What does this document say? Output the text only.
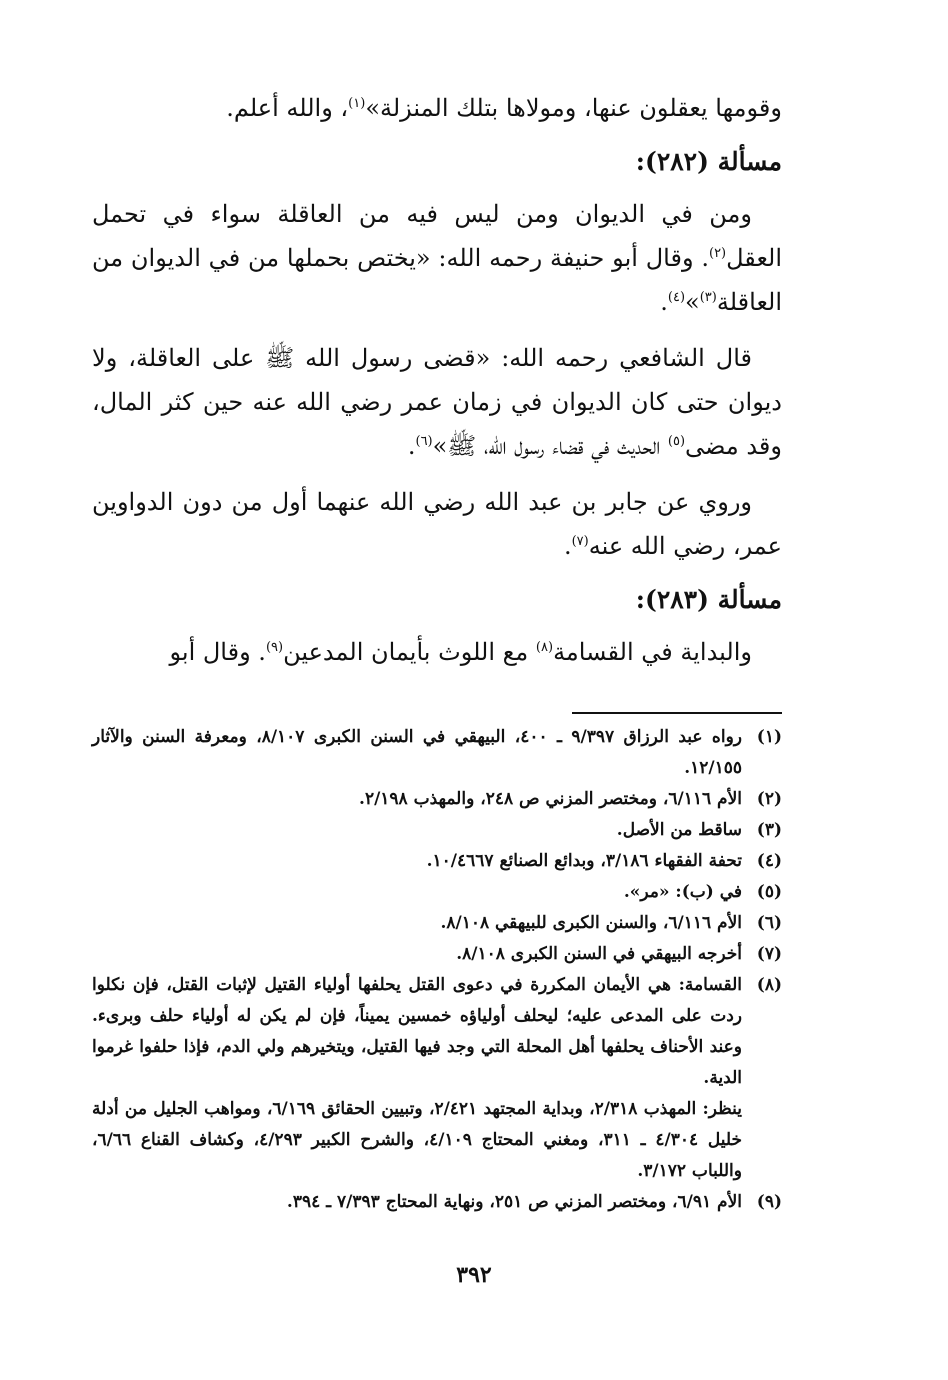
وقومها يعقلون عنها، ومولاها بتلك المنزلة»$^{(١)}$، والله أعلم.

مسألة (٢٨٢):

ومن في الديوان ومن ليس فيه من العاقلة سواء في تحمل العقل$^{(٢)}$. وقال أبو حنيفة رحمه الله: «يختص بحملها من في الديوان من العاقلة$^{(٣)}$»$^{(٤)}$.

قال الشافعي رحمه الله: «قضى رسول الله ﷺ على العاقلة، ولا ديوان حتى كان الديوان في زمان عمر رضي الله عنه حين كثر المال، وقد مضى$^{(٥)}$ الحديث في قضاء رسول الله، ﷺ»$^{(٦)}$.

وروي عن جابر بن عبد الله رضي الله عنهما أول من دون الدواوين عمر، رضي الله عنه$^{(٧)}$.

مسألة (٢٨٣):

والبداية في القسامة$^{(٨)}$ مع اللوث بأيمان المدعين$^{(٩)}$. وقال أبو

(١)
رواه عبد الرزاق ٩/٣٩٧ ـ ٤٠٠، البيهقي في السنن الكبرى ٨/١٠٧، ومعرفة السنن والآثار ١٢/١٥٥.
(٢)
الأم ٦/١١٦، ومختصر المزني ص ٢٤٨، والمهذب ٢/١٩٨.
(٣)
ساقط من الأصل.
(٤)
تحفة الفقهاء ٣/١٨٦، وبدائع الصنائع ١٠/٤٦٦٧.
(٥)
في (ب): «مر».
(٦)
الأم ٦/١١٦، والسنن الكبرى للبيهقي ٨/١٠٨.
(٧)
أخرجه البيهقي في السنن الكبرى ٨/١٠٨.
(٨)
القسامة: هي الأيمان المكررة في دعوى القتل يحلفها أولياء القتيل لإثبات القتل، فإن نكلوا ردت على المدعى عليه؛ ليحلف أولياؤه خمسين يميناً، فإن لم يكن له أولياء حلف وبرىء. وعند الأحناف يحلفها أهل المحلة التي وجد فيها القتيل، ويتخيرهم ولي الدم، فإذا حلفوا غرموا الدية.
ينظر: المهذب ٢/٣١٨، وبداية المجتهد ٢/٤٢١، وتبيين الحقائق ٦/١٦٩، ومواهب الجليل من أدلة خليل ٤/٣٠٤ ـ ٣١١، ومغني المحتاج ٤/١٠٩، والشرح الكبير ٤/٢٩٣، وكشاف القناع ٦/٦٦، واللباب ٣/١٧٢.
(٩)
الأم ٦/٩١، ومختصر المزني ص ٢٥١، ونهاية المحتاج ٧/٣٩٣ ـ ٣٩٤.
٣٩٢
